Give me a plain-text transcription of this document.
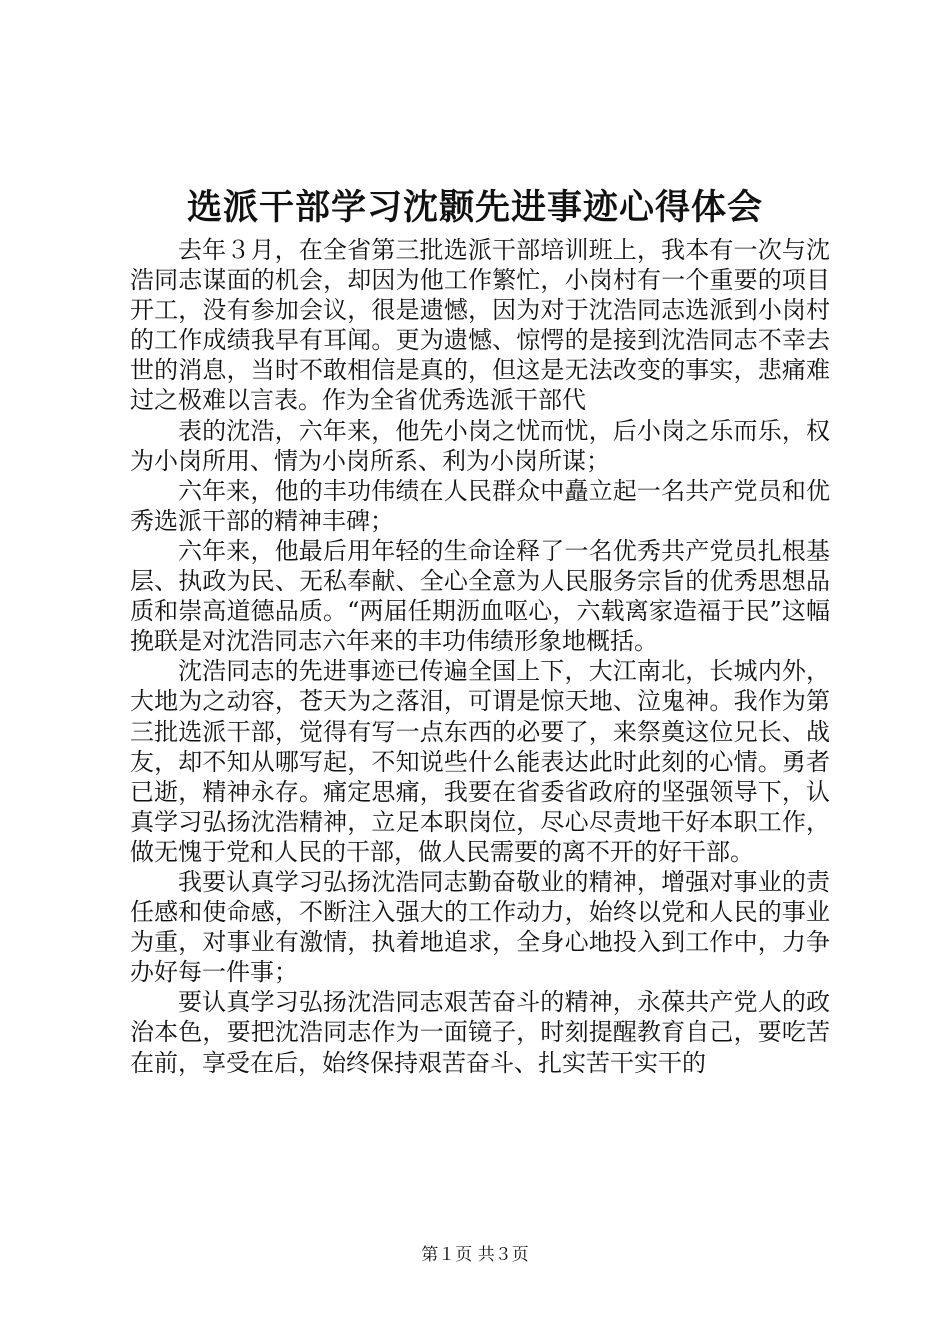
选派干部学习沈颢先进事迹心得体会

去年３月，在全省第三批选派干部培训班上，我本有一次与沈浩同志谋面的机会，却因为他工作繁忙，小岗村有一个重要的项目开工，没有参加会议，很是遗憾，因为对于沈浩同志选派到小岗村的工作成绩我早有耳闻。更为遗憾、惊愕的是接到沈浩同志不幸去世的消息，当时不敢相信是真的，但这是无法改变的事实，悲痛难过之极难以言表。作为全省优秀选派干部代

表的沈浩，六年来，他先小岗之忧而忧，后小岗之乐而乐，权为小岗所用、情为小岗所系、利为小岗所谋；

六年来，他的丰功伟绩在人民群众中矗立起一名共产党员和优秀选派干部的精神丰碑；

六年来，他最后用年轻的生命诠释了一名优秀共产党员扎根基层、执政为民、无私奉献、全心全意为人民服务宗旨的优秀思想品质和崇高道德品质。“两届任期沥血呕心，六载离家造福于民”这幅挽联是对沈浩同志六年来的丰功伟绩形象地概括。

沈浩同志的先进事迹已传遍全国上下，大江南北，长城内外，大地为之动容，苍天为之落泪，可谓是惊天地、泣鬼神。我作为第三批选派干部，觉得有写一点东西的必要了，来祭奠这位兄长、战友，却不知从哪写起，不知说些什么能表达此时此刻的心情。勇者已逝，精神永存。痛定思痛，我要在省委省政府的坚强领导下，认真学习弘扬沈浩精神，立足本职岗位，尽心尽责地干好本职工作，做无愧于党和人民的干部，做人民需要的离不开的好干部。

我要认真学习弘扬沈浩同志勤奋敬业的精神，增强对事业的责任感和使命感，不断注入强大的工作动力，始终以党和人民的事业为重，对事业有激情，执着地追求，全身心地投入到工作中，力争办好每一件事；

要认真学习弘扬沈浩同志艰苦奋斗的精神，永葆共产党人的政治本色，要把沈浩同志作为一面镜子，时刻提醒教育自己，要吃苦在前，享受在后，始终保持艰苦奋斗、扎实苦干实干的

第１页 共３页
